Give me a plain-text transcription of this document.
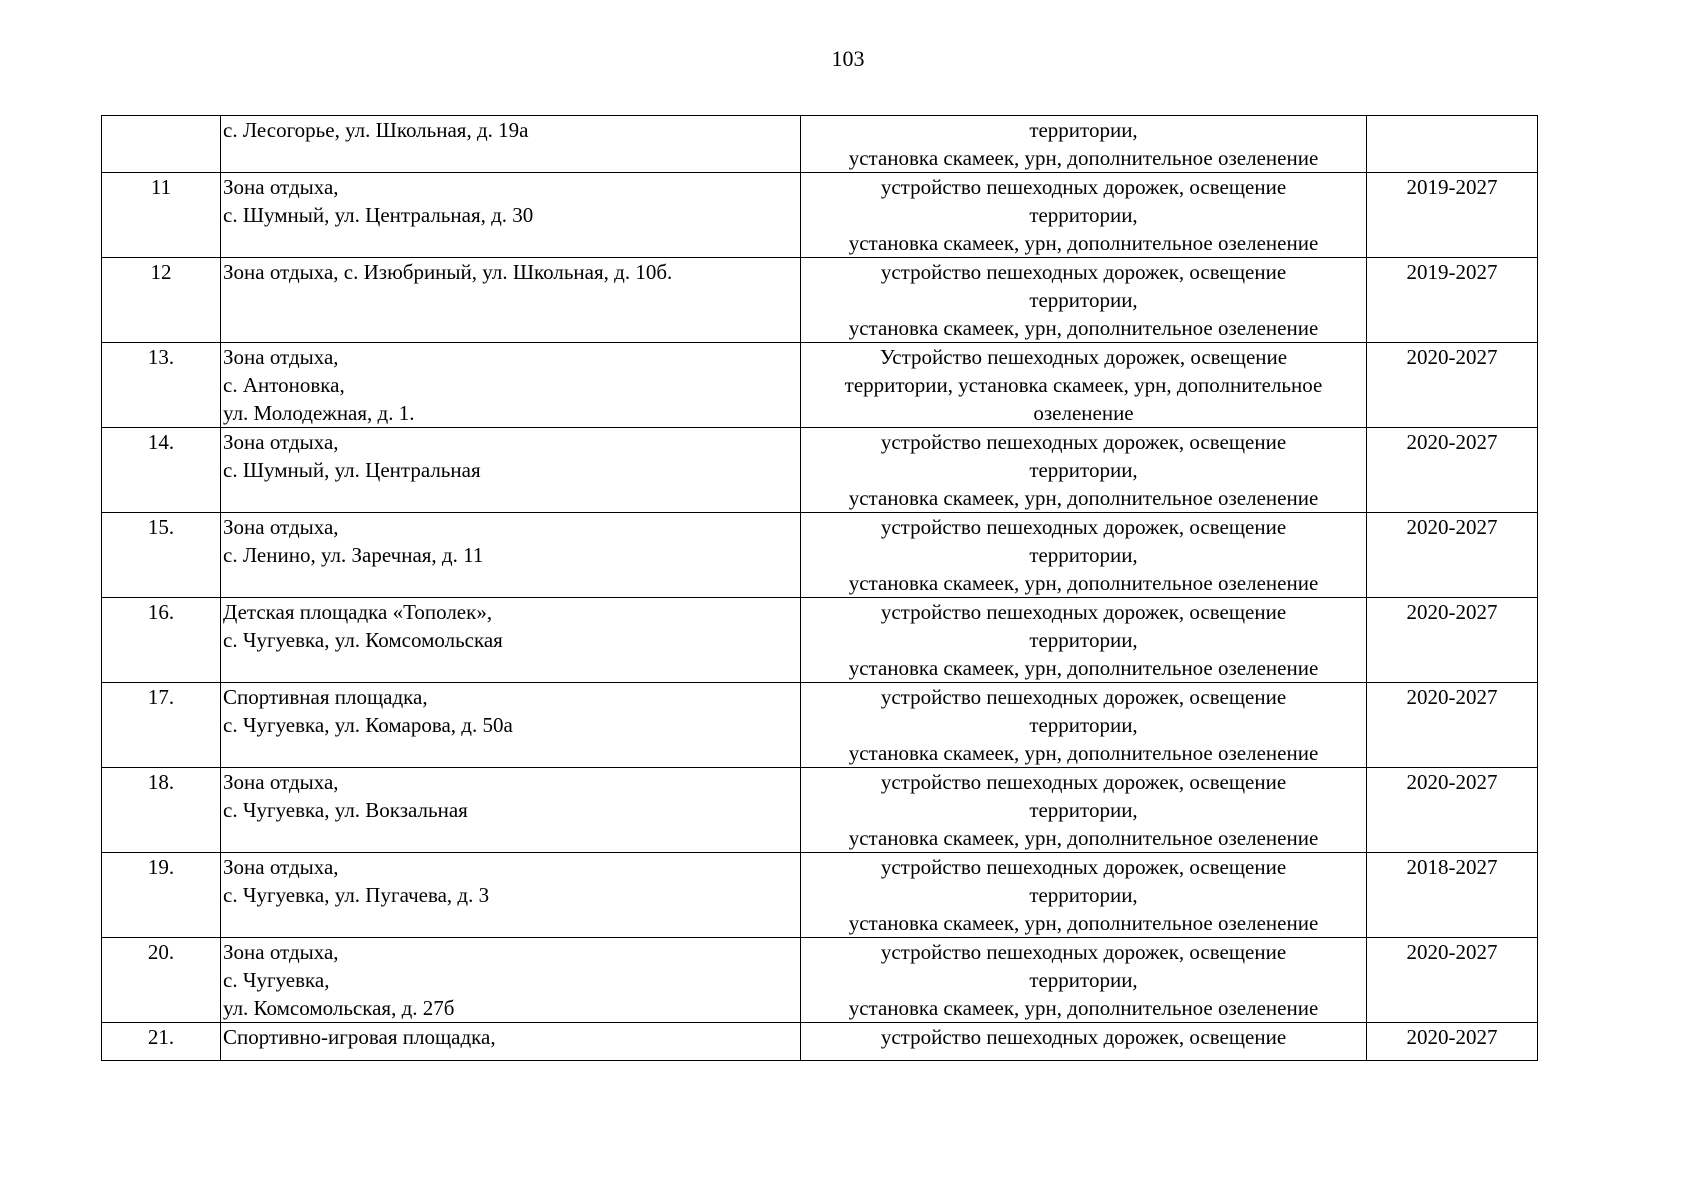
103

	с. Лесогорье, ул. Школьная, д. 19а	территории,
установка скамеек, урн, дополнительное озеленение	

11	Зона отдыха,
с. Шумный, ул. Центральная, д. 30	устройство пешеходных дорожек, освещение
территории,
установка скамеек, урн, дополнительное озеленение	2019-2027
12	Зона отдыха, с. Изюбриный, ул. Школьная, д. 10б.	устройство пешеходных дорожек, освещение
территории,
установка скамеек, урн, дополнительное озеленение	2019-2027
13.	Зона отдыха,
с. Антоновка,
ул. Молодежная, д. 1.	Устройство пешеходных дорожек, освещение
территории, установка скамеек, урн, дополнительное
озеленение	2020-2027
14.	Зона отдыха,
с. Шумный, ул. Центральная	устройство пешеходных дорожек, освещение
территории,
установка скамеек, урн, дополнительное озеленение	2020-2027
15.	Зона отдыха,
с. Ленино, ул. Заречная, д. 11	устройство пешеходных дорожек, освещение
территории,
установка скамеек, урн, дополнительное озеленение	2020-2027
16.	Детская площадка «Тополек»,
с. Чугуевка, ул. Комсомольская	устройство пешеходных дорожек, освещение
территории,
установка скамеек, урн, дополнительное озеленение	2020-2027
17.	Спортивная площадка,
с. Чугуевка, ул. Комарова, д. 50а	устройство пешеходных дорожек, освещение
территории,
установка скамеек, урн, дополнительное озеленение	2020-2027
18.	Зона отдыха,
с. Чугуевка, ул. Вокзальная	устройство пешеходных дорожек, освещение
территории,
установка скамеек, урн, дополнительное озеленение	2020-2027
19.	Зона отдыха,
с. Чугуевка, ул. Пугачева, д. 3	устройство пешеходных дорожек, освещение
территории,
установка скамеек, урн, дополнительное озеленение	2018-2027
20.	Зона отдыха,
с. Чугуевка,
ул. Комсомольская, д. 27б	устройство пешеходных дорожек, освещение
территории,
установка скамеек, урн, дополнительное озеленение	2020-2027
21.	Спортивно-игровая площадка,	устройство пешеходных дорожек, освещение	2020-2027
